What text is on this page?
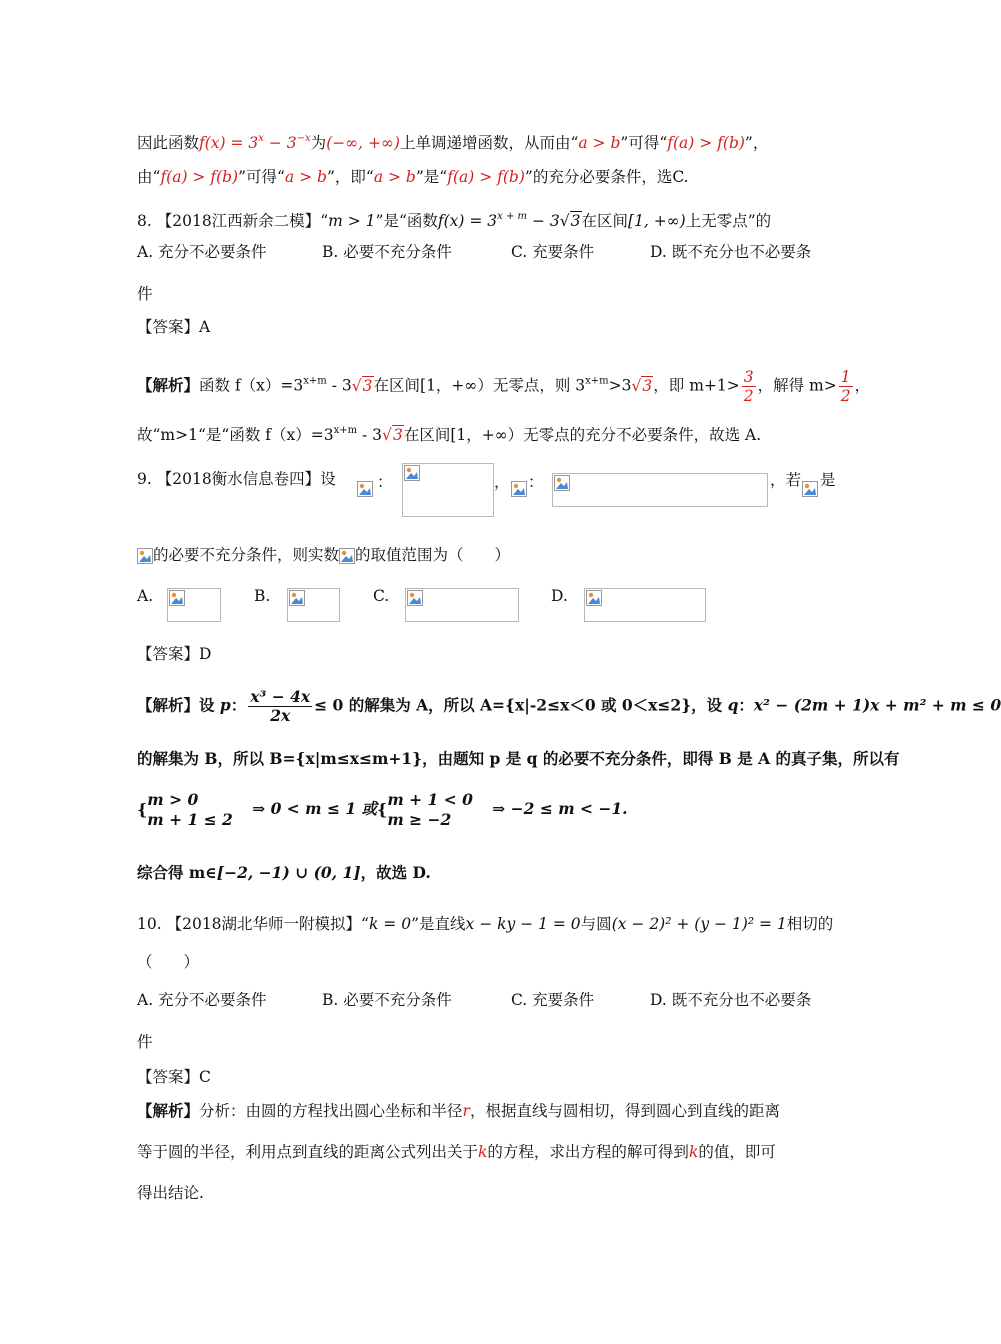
因此函数$f(x) = 3^x - 3^{-x}$为(−∞, +∞)上单调递增函数，从而由“a > b”可得“f(a) > f(b)”，
由“f(a) > f(b)”可得“a > b”，即“a > b”是“f(a) > f(b)”的充分必要条件，选C.
8. 【2018江西新余二模】“m > 1”是“函数$f(x) = 3^{x + m} - 3√3$在区间[1, +∞)上无零点”的
A. 充分不必要条件	B. 必要不充分条件	C. 充要条件	D. 既不充分也不必要条
件
【答案】A
【解析】函数 $f(x)=3^{x+m} - 3√3$在区间[1，+∞）无零点，则 $3^{x+m}>3√3$，即 $m+1> \frac{3}{2}$ ，解得 $m> \frac{1}{2}$ ，
故“m>1“是“函数 $f(x)=3^{x+m} - 3√3$在区间[1，+∞）无零点的充分不必要条件，故选 A.
9. 【2018衡水信息卷四】设	：	， ：	，若 是
的必要不充分条件，则实数 的取值范围为（　　）
A.	B.	C.	D.
【答案】D
【解析】设 p： $\frac{\text{x³ − 4x}}{2x} \le 0$ 的解集为 A，所以 A={x|-2≤x＜0 或 0＜x≤2}，设 q：x² − (2m + 1)x + m² + m ≤ 0
的解集为 B，所以 B={x|m≤x≤m+1}，由题知 p 是 q 的必要不充分条件，即得 B 是 A 的真子集，所以有
{
m > 0
m + 1 ≤ 2
⇒ 0 < m ≤ 1 或{
m + 1 < 0
m ≥ −2
⇒ −2 ≤ m < −1.
综合得 m∈[−2, −1) ∪ (0, 1]，故选 D.
10. 【2018湖北华师一附模拟】“k = 0”是直线x − ky − 1 = 0与圆(x − 2)² + (y − 1)² = 1相切的
（　　）
A. 充分不必要条件	B. 必要不充分条件	C. 充要条件	D. 既不充分也不必要条
件
【答案】C
【解析】分析：由圆的方程找出圆心坐标和半径r，根据直线与圆相切，得到圆心到直线的距离
等于圆的半径，利用点到直线的距离公式列出关于k的方程，求出方程的解可得到k的值，即可
得出结论.
